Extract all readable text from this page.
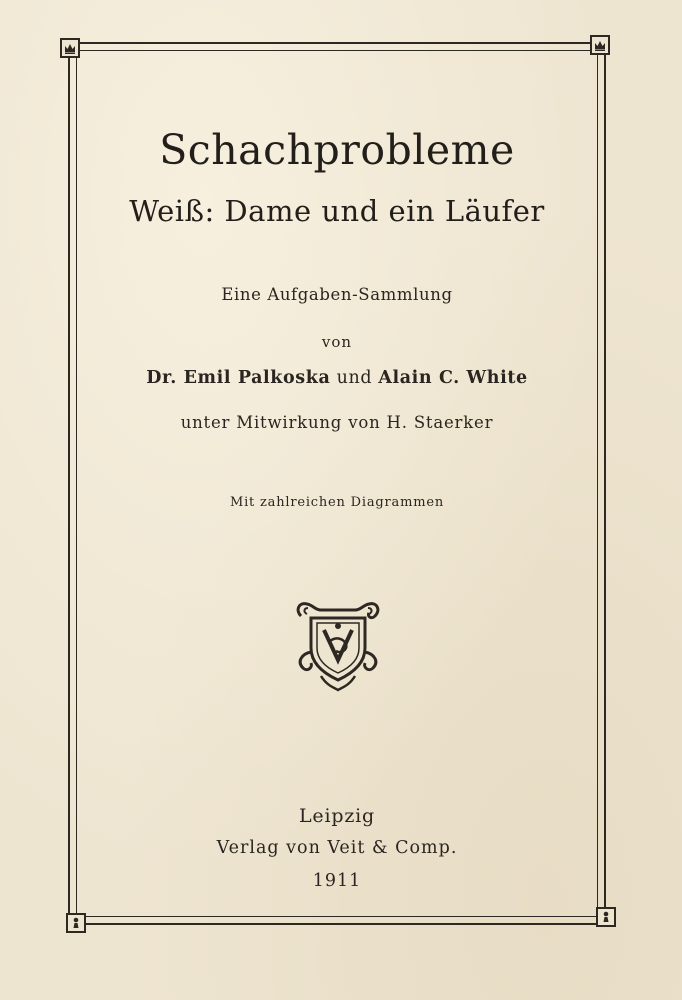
Schachprobleme
Weiß: Dame und ein Läufer
Eine Aufgaben-Sammlung
von
Dr. Emil Palkoska und Alain C. White
unter Mitwirkung von H. Staerker
Mit zahlreichen Diagrammen
Leipzig
Verlag von Veit & Comp.
1911
